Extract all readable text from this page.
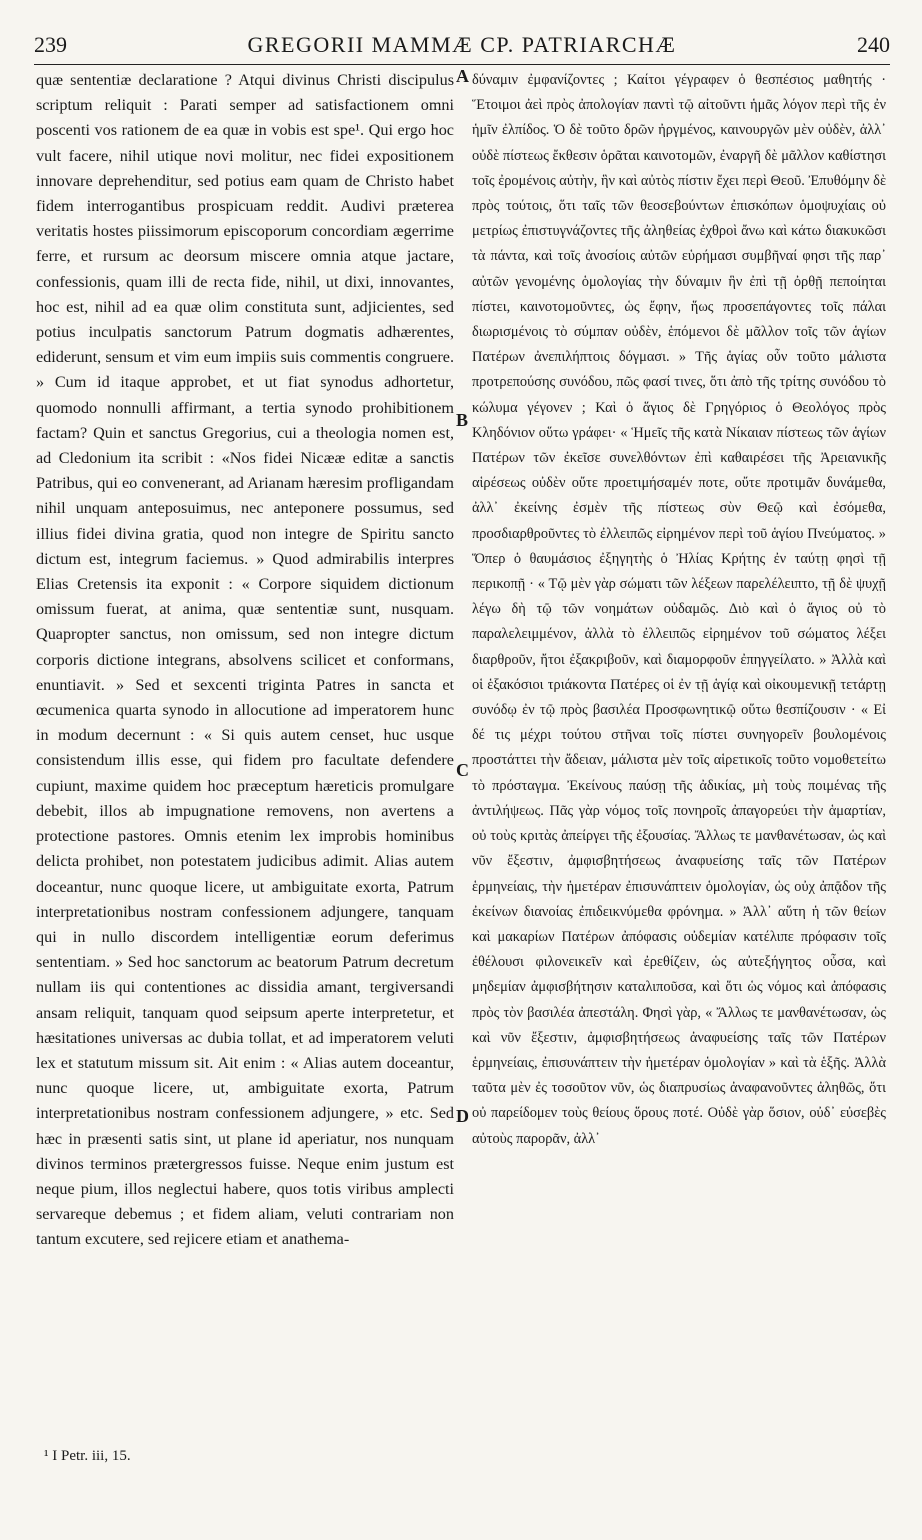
239	GREGORII MAMMÆ CP. PATRIARCHÆ	240

quæ sententiæ declaratione ? Atqui divinus Christi discipulus scriptum reliquit : Parati semper ad satisfactionem omni poscenti vos rationem de ea quæ in vobis est spe¹. Qui ergo hoc vult facere, nihil utique novi molitur, nec fidei expositionem innovare deprehenditur, sed potius eam quam de Christo habet fidem interrogantibus prospicuam reddit. Audivi præterea veritatis hostes piissimorum episcoporum concordiam ægerrime ferre, et rursum ac deorsum miscere omnia atque jactare, confessionis, quam illi de recta fide, nihil, ut dixi, innovantes, hoc est, nihil ad ea quæ olim constituta sunt, adjicientes, sed potius inculpatis sanctorum Patrum dogmatis adhærentes, ediderunt, sensum et vim eum impiis suis commentis congruere. » Cum id itaque approbet, et ut fiat synodus adhortetur, quomodo nonnulli affirmant, a tertia synodo prohibitionem factam? Quin et sanctus Gregorius, cui a theologia nomen est, ad Cledonium ita scribit : «Nos fidei Nicææ editæ a sanctis Patribus, qui eo convenerant, ad Arianam hæresim profligandam nihil unquam anteposuimus, nec anteponere possumus, sed illius fidei divina gratia, quod non integre de Spiritu sancto dictum est, integrum faciemus. » Quod admirabilis interpres Elias Cretensis ita exponit : « Corpore siquidem dictionum omissum fuerat, at anima, quæ sententiæ sunt, nusquam. Quapropter sanctus, non omissum, sed non integre dictum corporis dictione integrans, absolvens scilicet et conformans, enuntiavit. » Sed et sexcenti triginta Patres in sancta et œcumenica quarta synodo in allocutione ad imperatorem hunc in modum decernunt : « Si quis autem censet, huc usque consistendum illis esse, qui fidem pro facultate defendere cupiunt, maxime quidem hoc præceptum hæreticis promulgare debebit, illos ab impugnatione removens, non avertens a protectione pastores. Omnis etenim lex improbis hominibus delicta prohibet, non potestatem judicibus adimit. Alias autem doceantur, nunc quoque licere, ut ambiguitate exorta, Patrum interpretationibus nostram confessionem adjungere, tanquam qui in nullo discordem intelligentiæ eorum deferimus sententiam. » Sed hoc sanctorum ac beatorum Patrum decretum nullam iis qui contentiones ac dissidia amant, tergiversandi ansam reliquit, tanquam quod seipsum aperte interpretetur, et hæsitationes universas ac dubia tollat, et ad imperatorem veluti lex et statutum missum sit. Ait enim : « Alias autem doceantur, nunc quoque licere, ut, ambiguitate exorta, Patrum interpretationibus nostram confessionem adjungere, » etc. Sed hæc in præsenti satis sint, ut plane id aperiatur, nos nunquam divinos terminos prætergressos fuisse. Neque enim justum est neque pium, illos neglectui habere, quos totis viribus amplecti servareque debemus ; et fidem aliam, veluti contrariam non tantum excutere, sed rejicere etiam et anathema-

δύναμιν ἐμφανίζοντες ; Καίτοι γέγραφεν ὁ θεσπέσιος μαθητής · Ἕτοιμοι ἀεὶ πρὸς ἀπολογίαν παντὶ τῷ αἰτοῦντι ἡμᾶς λόγον περὶ τῆς ἐν ἡμῖν ἐλπίδος. Ὁ δὲ τοῦτο δρῶν ἠργμένος, καινουργῶν μὲν οὐδὲν, ἀλλ᾽ οὐδὲ πίστεως ἔκθεσιν ὁρᾶται καινοτομῶν, ἐναργῆ δὲ μᾶλλον καθίστησι τοῖς ἐρομένοις αὐτὴν, ἣν καὶ αὐτὸς πίστιν ἔχει περὶ Θεοῦ. Ἐπυθόμην δὲ πρὸς τούτοις, ὅτι ταῖς τῶν θεοσεβούντων ἐπισκόπων ὁμοψυχίαις οὐ μετρίως ἐπιστυγνάζοντες τῆς ἀληθείας ἐχθροὶ ἄνω καὶ κάτω διακυκῶσι τὰ πάντα, καὶ τοῖς ἀνοσίοις αὐτῶν εὑρήμασι συμβῆναί φησι τῆς παρ᾽ αὐτῶν γενομένης ὁμολογίας τὴν δύναμιν ἣν ἐπὶ τῇ ὀρθῇ πεποίηται πίστει, καινοτομοῦντες, ὡς ἔφην, ἥως προσεπάγοντες τοῖς πάλαι διωρισμένοις τὸ σύμπαν οὐδὲν, ἑπόμενοι δὲ μᾶλλον τοῖς τῶν ἁγίων Πατέρων ἀνεπιλήπτοις δόγμασι. » Τῆς ἁγίας οὖν τοῦτο μάλιστα προτρεπούσης συνόδου, πῶς φασί τινες, ὅτι ἀπὸ τῆς τρίτης συνόδου τὸ κώλυμα γέγονεν ; Καὶ ὁ ἅγιος δὲ Γρηγόριος ὁ Θεολόγος πρὸς Κληδόνιον οὕτω γράφει· « Ἡμεῖς τῆς κατὰ Νίκαιαν πίστεως τῶν ἁγίων Πατέρων τῶν ἐκεῖσε συνελθόντων ἐπὶ καθαιρέσει τῆς Ἀρειανικῆς αἱρέσεως οὐδὲν οὔτε προετιμήσαμέν ποτε, οὔτε προτιμᾶν δυνάμεθα, ἀλλ᾽ ἐκείνης ἐσμὲν τῆς πίστεως σὺν Θεῷ καὶ ἐσόμεθα, προσδιαρθροῦντες τὸ ἐλλειπῶς εἰρημένον περὶ τοῦ ἁγίου Πνεύματος. » Ὅπερ ὁ θαυμάσιος ἐξηγητὴς ὁ Ἠλίας Κρήτης ἐν ταύτῃ φησὶ τῇ περικοπῇ · « Τῷ μὲν γὰρ σώματι τῶν λέξεων παρελέλειπτο, τῇ δὲ ψυχῇ λέγω δὴ τῷ τῶν νοημάτων οὐδαμῶς. Διὸ καὶ ὁ ἅγιος οὐ τὸ παραλελειμμένον, ἀλλὰ τὸ ἐλλειπῶς εἰρημένον τοῦ σώματος λέξει διαρθροῦν, ἤτοι ἐξακριβοῦν, καὶ διαμορφοῦν ἐπηγγείλατο. » Ἀλλὰ καὶ οἱ ἑξακόσιοι τριάκοντα Πατέρες οἱ ἐν τῇ ἁγίᾳ καὶ οἰκουμενικῇ τετάρτῃ συνόδῳ ἐν τῷ πρὸς βασιλέα Προσφωνητικῷ οὕτω θεσπίζουσιν · « Εἰ δέ τις μέχρι τούτου στῆναι τοῖς πίστει συνηγορεῖν βουλομένοις προστάττει τὴν ἄδειαν, μάλιστα μὲν τοῖς αἱρετικοῖς τοῦτο νομοθετείτω τὸ πρόσταγμα. Ἐκείνους παύσῃ τῆς ἀδικίας, μὴ τοὺς ποιμένας τῆς ἀντιλήψεως. Πᾶς γὰρ νόμος τοῖς πονηροῖς ἀπαγορεύει τὴν ἁμαρτίαν, οὐ τοὺς κριτὰς ἀπείργει τῆς ἐξουσίας. Ἄλλως τε μανθανέτωσαν, ὡς καὶ νῦν ἔξεστιν, ἀμφισβητήσεως ἀναφυείσης ταῖς τῶν Πατέρων ἑρμηνείαις, τὴν ἡμετέραν ἐπισυνάπτειν ὁμολογίαν, ὡς οὐχ ἀπᾷδον τῆς ἐκείνων διανοίας ἐπιδεικνύμεθα φρόνημα. » Ἀλλ᾽ αὕτη ἡ τῶν θείων καὶ μακαρίων Πατέρων ἀπόφασις οὐδεμίαν κατέλιπε πρόφασιν τοῖς ἐθέλουσι φιλονεικεῖν καὶ ἐρεθίζειν, ὡς αὐτεξήγητος οὖσα, καὶ μηδεμίαν ἀμφισβήτησιν καταλιποῦσα, καὶ ὅτι ὡς νόμος καὶ ἀπόφασις πρὸς τὸν βασιλέα ἀπεστάλη. Φησὶ γὰρ, « Ἄλλως τε μανθανέτωσαν, ὡς καὶ νῦν ἔξεστιν, ἀμφισβητήσεως ἀναφυείσης ταῖς τῶν Πατέρων ἑρμηνείαις, ἐπισυνάπτειν τὴν ἡμετέραν ὁμολογίαν » καὶ τὰ ἑξῆς. Ἀλλὰ ταῦτα μὲν ἐς τοσοῦτον νῦν, ὡς διαπρυσίως ἀναφανοῦντες ἀληθῶς, ὅτι οὐ παρείδομεν τοὺς θείους ὅρους ποτέ. Οὐδὲ γὰρ ὅσιον, οὐδ᾽ εὐσεβὲς αὐτοὺς παρορᾶν, ἀλλ᾽

A
B
C
D
¹ I Petr. iii, 15.
